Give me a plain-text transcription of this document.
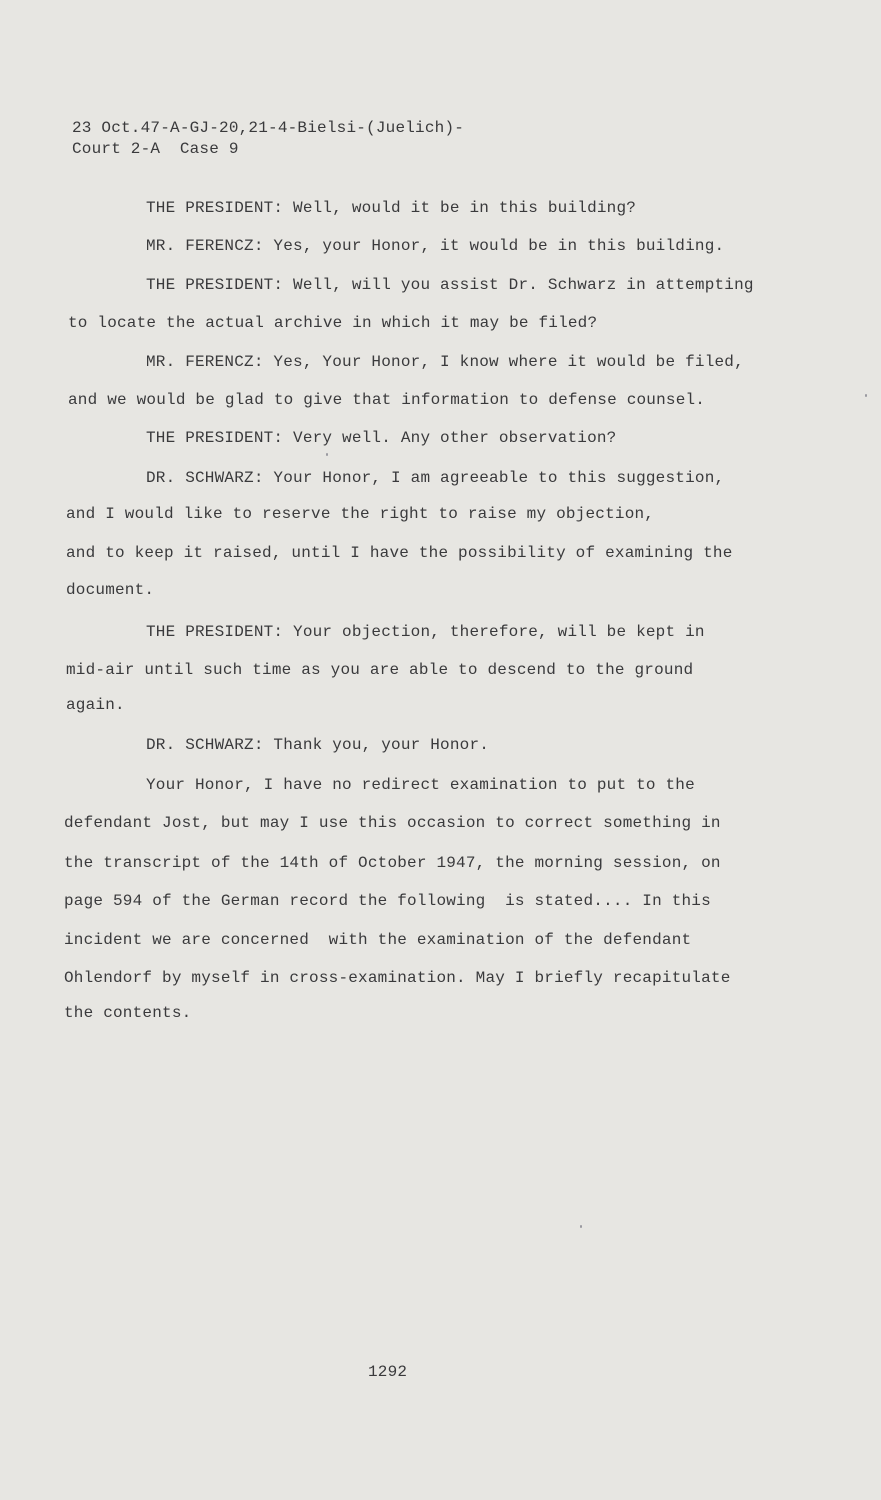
23 Oct.47-A-GJ-20,21-4-Bielsi-(Juelich)-
Court 2-A  Case 9
THE PRESIDENT: Well, would it be in this building?
MR. FERENCZ: Yes, your Honor, it would be in this building.
THE PRESIDENT: Well, will you assist Dr. Schwarz in attempting
to locate the actual archive in which it may be filed?
MR. FERENCZ: Yes, Your Honor, I know where it would be filed,
and we would be glad to give that information to defense counsel.
THE PRESIDENT: Very well. Any other observation?
DR. SCHWARZ: Your Honor, I am agreeable to this suggestion,
and I would like to reserve the right to raise my objection,
and to keep it raised, until I have the possibility of examining the
document.
THE PRESIDENT: Your objection, therefore, will be kept in
mid-air until such time as you are able to descend to the ground
again.
DR. SCHWARZ: Thank you, your Honor.
Your Honor, I have no redirect examination to put to the
defendant Jost, but may I use this occasion to correct something in
the transcript of the 14th of October 1947, the morning session, on
page 594 of the German record the following  is stated.... In this
incident we are concerned  with the examination of the defendant
Ohlendorf by myself in cross-examination. May I briefly recapitulate
the contents.
1292
